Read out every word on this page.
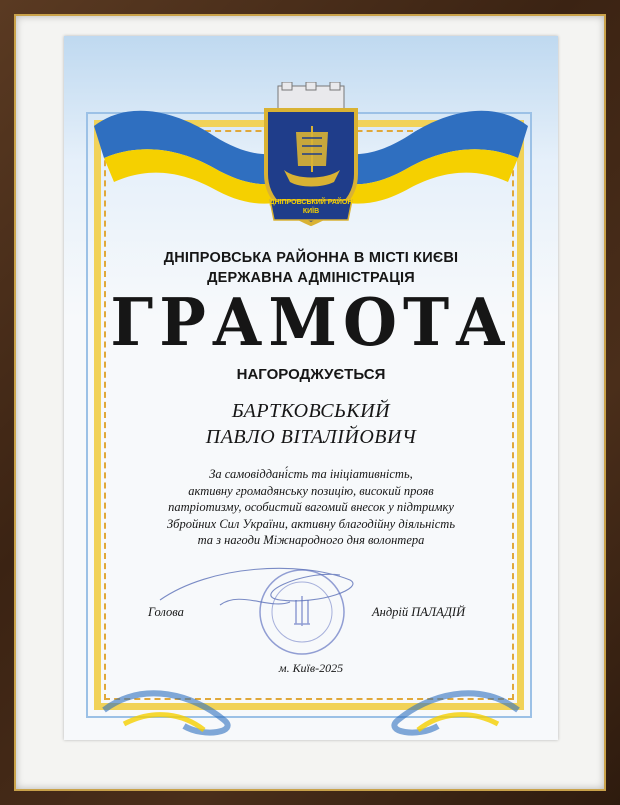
ДНІПРОВСЬКИЙ РАЙОН КИЇВ
ДНІПРОВСЬКА РАЙОННА В МІСТІ КИЄВІ
ДЕРЖАВНА АДМІНІСТРАЦІЯ
ГРАМОТА
НАГОРОДЖУЄТЬСЯ
БАРТКОВСЬКИЙ
ПАВЛО ВІТАЛІЙОВИЧ
За самовіддані́сть та ініціативність,
активну громадянську позицію, високий прояв
патріотизму, особистий вагомий внесок у підтримку
Збройних Сил України, активну благодійну діяльність
та з нагоди Міжнародного дня волонтера
Голова	Андрій ПАЛАДІЙ
м. Київ-2025
